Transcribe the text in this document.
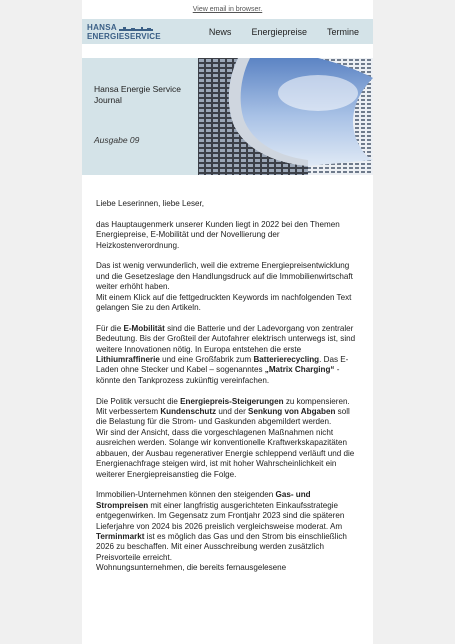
View email in browser.
HANSA
ENERGIESERVICE	News Energiepreise Termine
Hansa Energie Service Journal
Ausgabe 09

Liebe Leserinnen, liebe Leser,

das Hauptaugenmerk unserer Kunden liegt in 2022 bei den Themen Energiepreise, E-Mobilität und der Novellierung der Heizkostenverordnung.

Das ist wenig verwunderlich, weil die extreme Energiepreisentwicklung und die Gesetzeslage den Handlungsdruck auf die Immobilienwirtschaft weiter erhöht haben.
Mit einem Klick auf die fettgedruckten Keywords im nachfolgenden Text gelangen Sie zu den Artikeln.

Für die E-Mobilität sind die Batterie und der Ladevorgang von zentraler Bedeutung. Bis der Großteil der Autofahrer elektrisch unterwegs ist, sind weitere Innovationen nötig. In Europa entstehen die erste Lithiumraffinerie und eine Großfabrik zum Batterierecycling. Das E-Laden ohne Stecker und Kabel – sogenanntes „Matrix Charging“ - könnte den Tankprozess zukünftig vereinfachen.

Die Politik versucht die Energiepreis-Steigerungen zu kompensieren. Mit verbessertem Kundenschutz und der Senkung von Abgaben soll die Belastung für die Strom- und Gaskunden abgemildert werden.
Wir sind der Ansicht, dass die vorgeschlagenen Maßnahmen nicht ausreichen werden. Solange wir konventionelle Kraftwerkskapazitäten abbauen, der Ausbau regenerativer Energie schleppend verläuft und die Energienachfrage steigen wird, ist mit hoher Wahrscheinlichkeit ein weiterer Energiepreisanstieg die Folge.

Immobilien-Unternehmen können den steigenden Gas- und Strompreisen mit einer langfristig ausgerichteten Einkaufsstrategie entgegenwirken. Im Gegensatz zum Frontjahr 2023 sind die späteren Lieferjahre von 2024 bis 2026 preislich vergleichsweise moderat. Am Terminmarkt ist es möglich das Gas und den Strom bis einschließlich 2026 zu beschaffen. Mit einer Ausschreibung werden zusätzlich Preisvorteile erreicht.
Wohnungsunternehmen, die bereits fernausgelesene
